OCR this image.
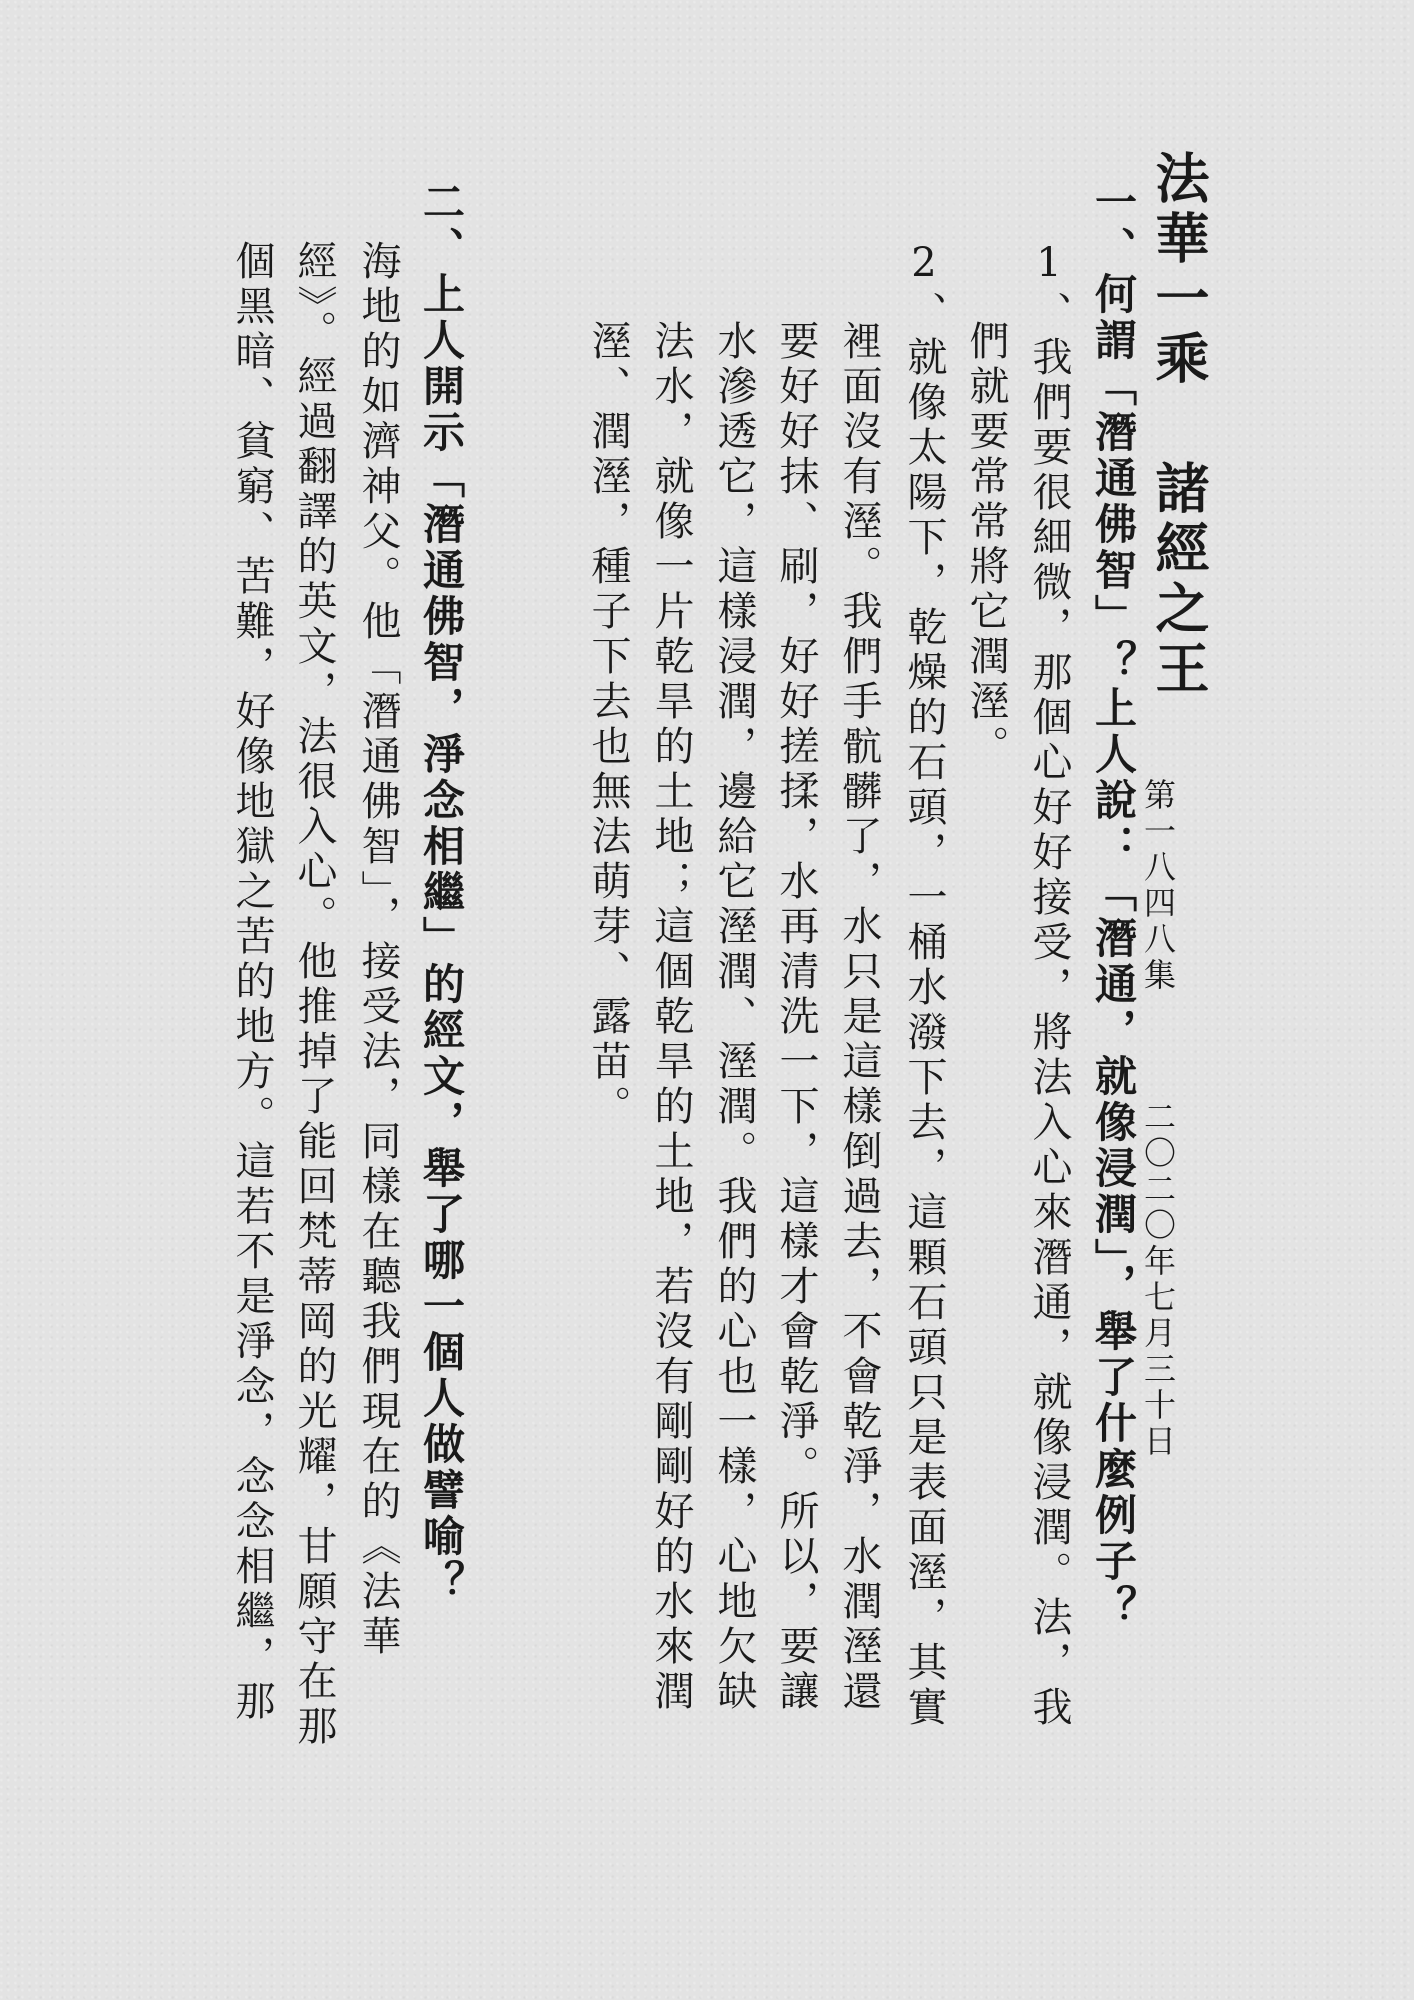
法華一乘 諸經之王
第一八四八集
二〇二〇年七月三十日
一、何謂「潛通佛智」？上人說：「潛通，就像浸潤」，舉了什麼例子？
1、我們要很細微，那個心好好接受，將法入心來潛通，就像浸潤。法，我
們就要常常將它潤溼。
2、就像太陽下，乾燥的石頭，一桶水潑下去，這顆石頭只是表面溼，其實
裡面沒有溼。我們手骯髒了，水只是這樣倒過去，不會乾淨，水潤溼還
要好好抹、刷，好好搓揉，水再清洗一下，這樣才會乾淨。所以，要讓
水滲透它，這樣浸潤，邊給它溼潤、溼潤。我們的心也一樣，心地欠缺
法水，就像一片乾旱的土地；這個乾旱的土地，若沒有剛剛好的水來潤
溼、潤溼，種子下去也無法萌芽、露苗。
二、上人開示「潛通佛智，淨念相繼」的經文，舉了哪一個人做譬喻？
海地的如濟神父。他「潛通佛智」，接受法，同樣在聽我們現在的《法華
經》。經過翻譯的英文，法很入心。他推掉了能回梵蒂岡的光耀，甘願守在那
個黑暗、貧窮、苦難，好像地獄之苦的地方。這若不是淨念，念念相繼，那
